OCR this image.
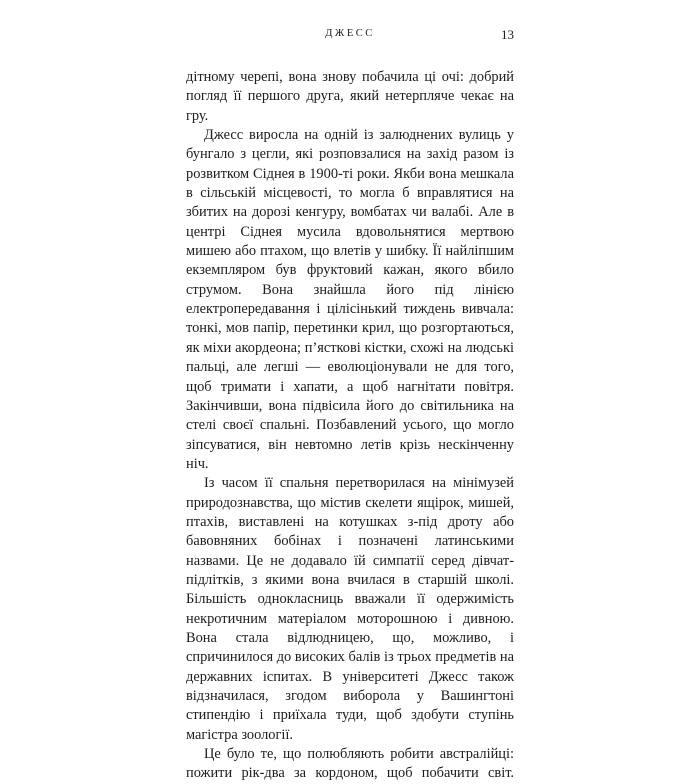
ДЖЕСС	13

дітному черепі, вона знову побачила ці очі: добрий погляд її першого друга, який нетерпляче чекає на гру.

Джесс виросла на одній із залюднених вулиць у бунгало з цегли, які розповзалися на захід разом із розвитком Сіднея в 1900-ті роки. Якби вона мешкала в сільській місцевості, то могла б вправлятися на збитих на дорозі кенгуру, вомбатах чи валабі. Але в центрі Сіднея мусила вдовольнятися мертвою мишею або птахом, що влетів у шибку. Її найліпшим екземпляром був фруктовий кажан, якого вбило струмом. Вона знайшла його під лінією електропередавання і цілісінький тиждень вивчала: тонкі, мов папір, перетинки крил, що розгортаються, як міхи акордеона; п’ясткові кістки, схожі на людські пальці, але легші — еволюціонували не для того, щоб тримати і хапати, а щоб нагнітати повітря. Закінчивши, вона підвісила його до світильника на стелі своєї спальні. Позбавлений усього, що могло зіпсуватися, він невтомно летів крізь нескінченну ніч.

Із часом її спальня перетворилася на мінімузей природознавства, що містив скелети ящірок, мишей, птахів, виставлені на котушках з-під дроту або бавовняних бобінах і позначені латинськими назвами. Це не додавало їй симпатії серед дівчат-підлітків, з якими вона вчилася в старшій школі. Більшість однокласниць вважали її одержимість некротичним матеріалом моторошною і дивною. Вона стала відлюдницею, що, можливо, і спричинилося до високих балів із трьох предметів на державних іспитах. В університеті Джесс також відзначилася, згодом виборола у Вашингтоні стипендію і приїхала туди, щоб здобути ступінь магістра зоології.

Це було те, що полюбляють робити австралійці: пожити рік-два за кордоном, щоб побачити світ.
